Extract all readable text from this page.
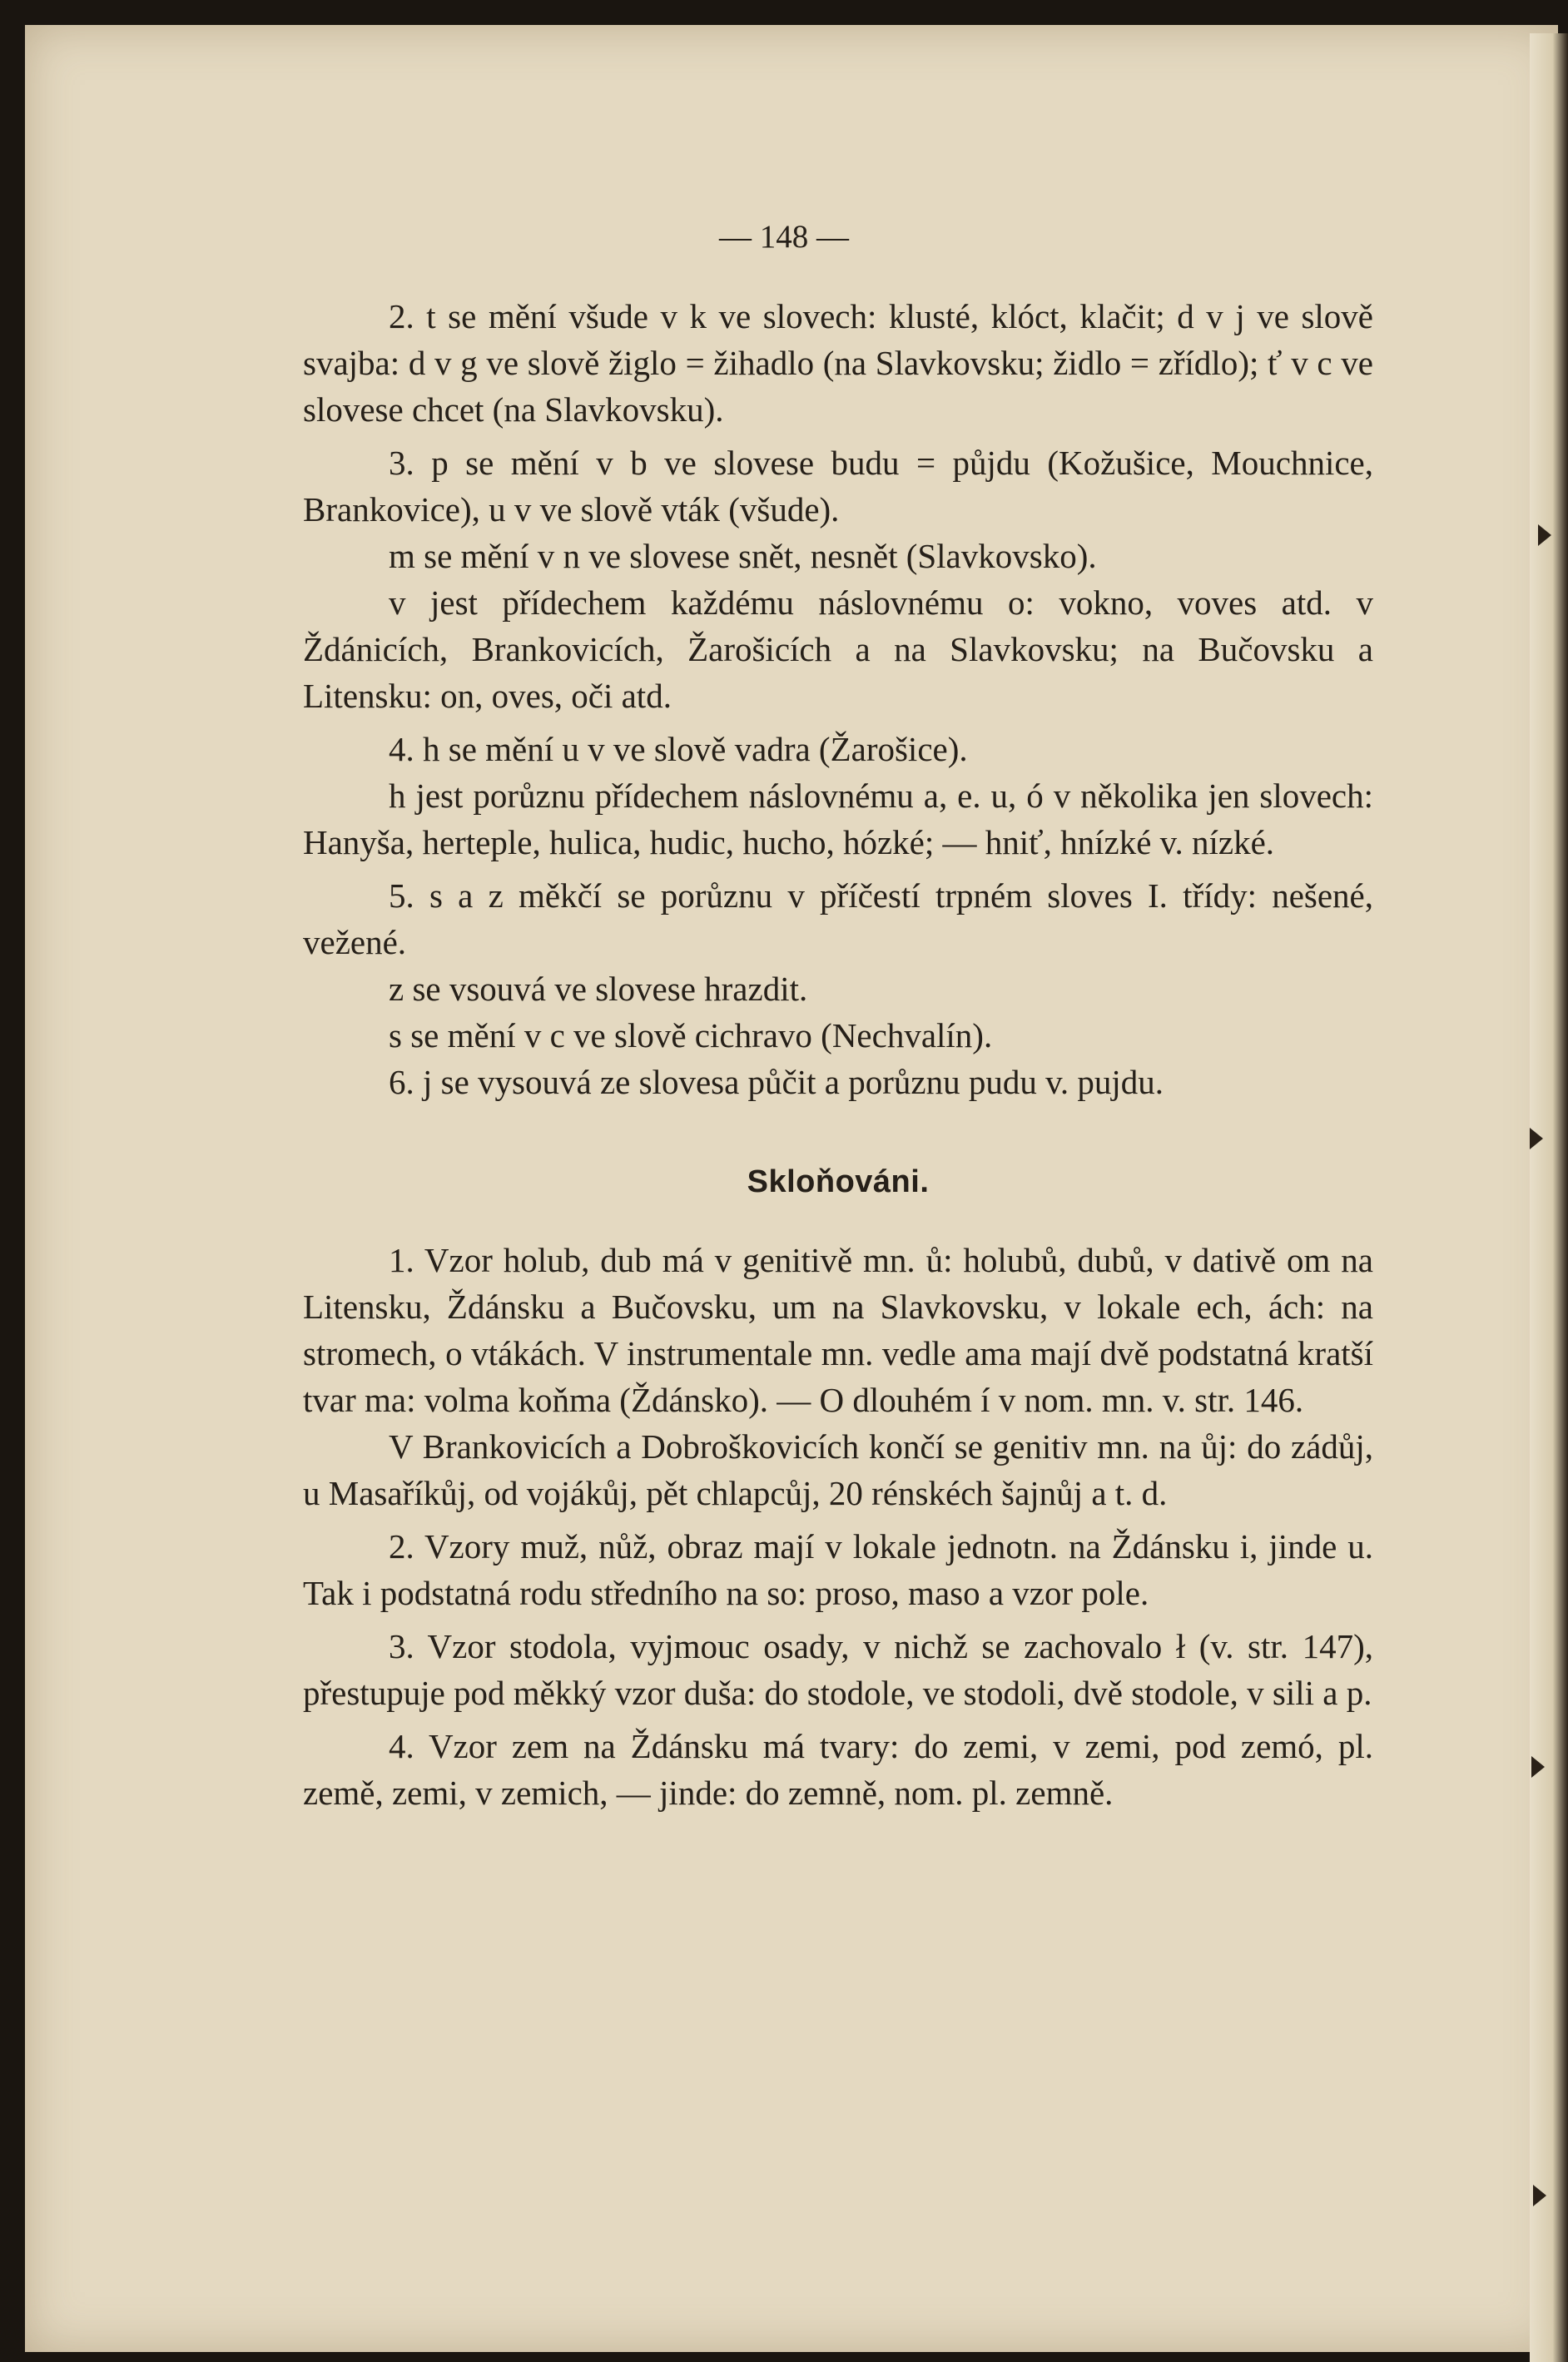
— 148 —

2. t se mění všude v k ve slovech: klusté, klóct, klačit; d v j ve slově svajba: d v g ve slově žiglo = žihadlo (na Slavkovsku; židlo = zřídlo); ť v c ve slovese chcet (na Slavkovsku).

3. p se mění v b ve slovese budu = půjdu (Kožušice, Mouchnice, Brankovice), u v ve slově vták (všude).

m se mění v n ve slovese snět, nesnět (Slavkovsko).

v jest přídechem každému náslovnému o: vokno, voves atd. v Ždánicích, Brankovicích, Žarošicích a na Slavkovsku; na Bučovsku a Litensku: on, oves, oči atd.

4. h se mění u v ve slově vadra (Žarošice).

h jest porůznu přídechem náslovnému a, e. u, ó v několika jen slovech: Hanyša, herteple, hulica, hudic, hucho, hózké; — hniť, hnízké v. nízké.

5. s a z měkčí se porůznu v příčestí trpném sloves I. třídy: nešené, vežené.

z se vsouvá ve slovese hrazdit.

s se mění v c ve slově cichravo (Nechvalín).

6. j se vysouvá ze slovesa půčit a porůznu pudu v. pujdu.

Skloňováni.

1. Vzor holub, dub má v genitivě mn. ů: holubů, dubů, v dativě om na Litensku, Ždánsku a Bučovsku, um na Slavkovsku, v lokale ech, ách: na stromech, o vtákách. V instrumentale mn. vedle ama mají dvě podstatná kratší tvar ma: volma koňma (Ždánsko). — O dlouhém í v nom. mn. v. str. 146.

V Brankovicích a Dobroškovicích končí se genitiv mn. na ůj: do zádůj, u Masaříkůj, od vojákůj, pět chlapcůj, 20 rénskéch šajnůj a t. d.

2. Vzory muž, nůž, obraz mají v lokale jednotn. na Ždánsku i, jinde u. Tak i podstatná rodu středního na so: proso, maso a vzor pole.

3. Vzor stodola, vyjmouc osady, v nichž se zachovalo ł (v. str. 147), přestupuje pod měkký vzor duša: do stodole, ve stodoli, dvě stodole, v sili a p.

4. Vzor zem na Ždánsku má tvary: do zemi, v zemi, pod zemó, pl. země, zemi, v zemich, — jinde: do zemně, nom. pl. zemně.
